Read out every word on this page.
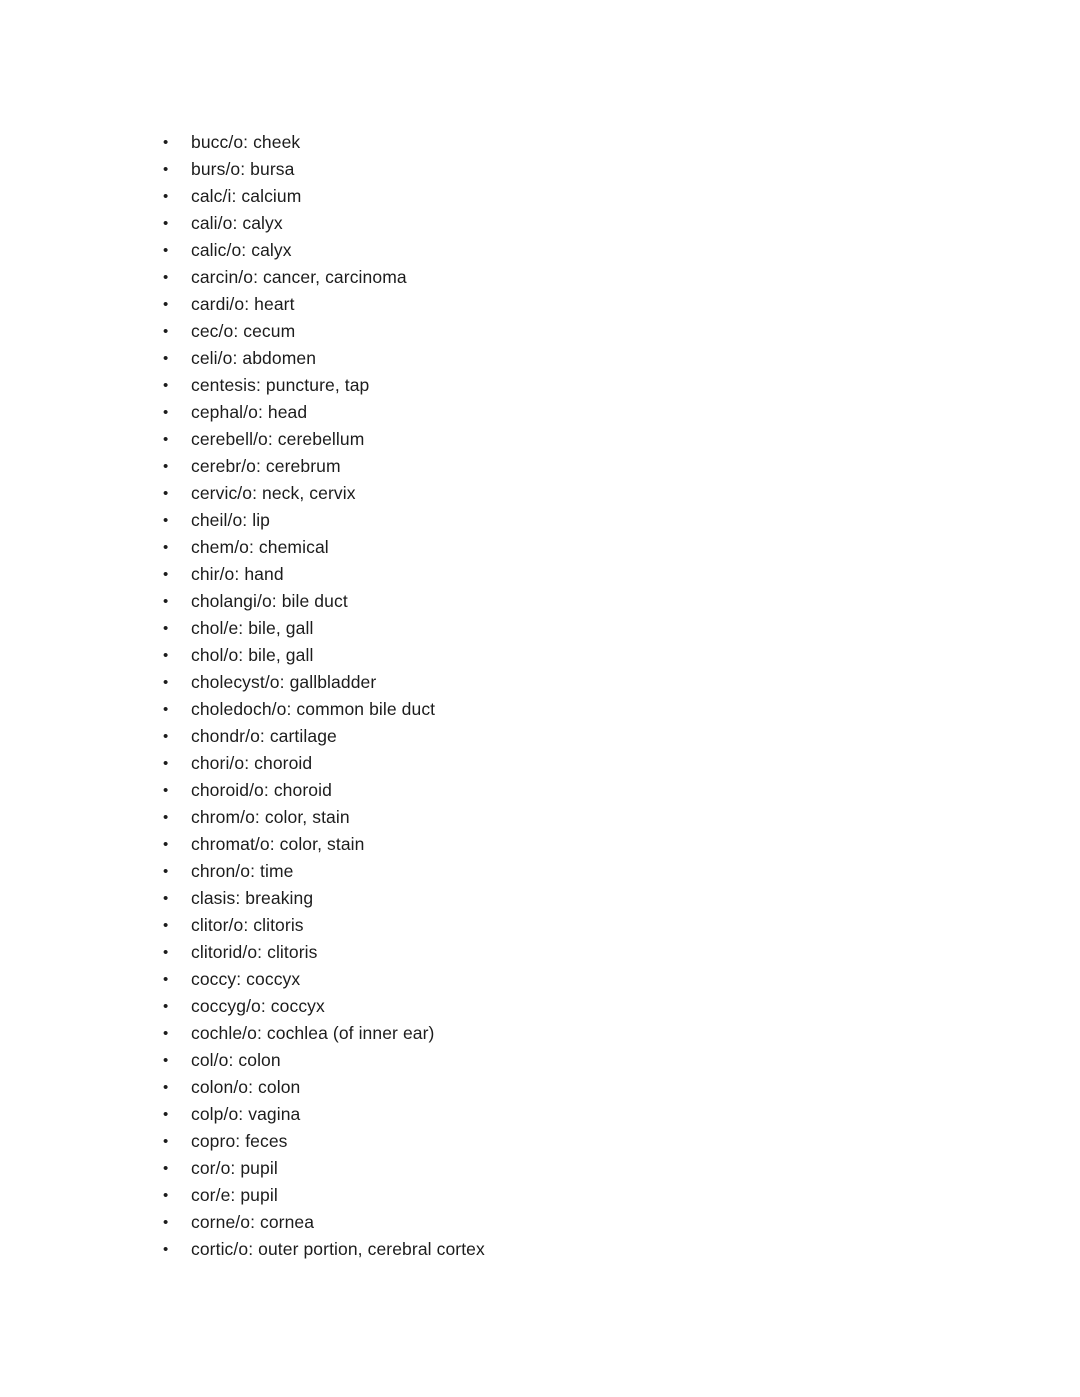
• bucc/o: cheek
• burs/o: bursa
• calc/i: calcium
• cali/o: calyx
• calic/o: calyx
• carcin/o: cancer, carcinoma
• cardi/o: heart
• cec/o: cecum
• celi/o: abdomen
• centesis: puncture, tap
• cephal/o: head
• cerebell/o: cerebellum
• cerebr/o: cerebrum
• cervic/o: neck, cervix
• cheil/o: lip
• chem/o: chemical
• chir/o: hand
• cholangi/o: bile duct
• chol/e: bile, gall
• chol/o: bile, gall
• cholecyst/o: gallbladder
• choledoch/o: common bile duct
• chondr/o: cartilage
• chori/o: choroid
• choroid/o: choroid
• chrom/o: color, stain
• chromat/o: color, stain
• chron/o: time
• clasis: breaking
• clitor/o: clitoris
• clitorid/o: clitoris
• coccy: coccyx
• coccyg/o: coccyx
• cochle/o: cochlea (of inner ear)
• col/o: colon
• colon/o: colon
• colp/o: vagina
• copro: feces
• cor/o: pupil
• cor/e: pupil
• corne/o: cornea
• cortic/o: outer portion, cerebral cortex
